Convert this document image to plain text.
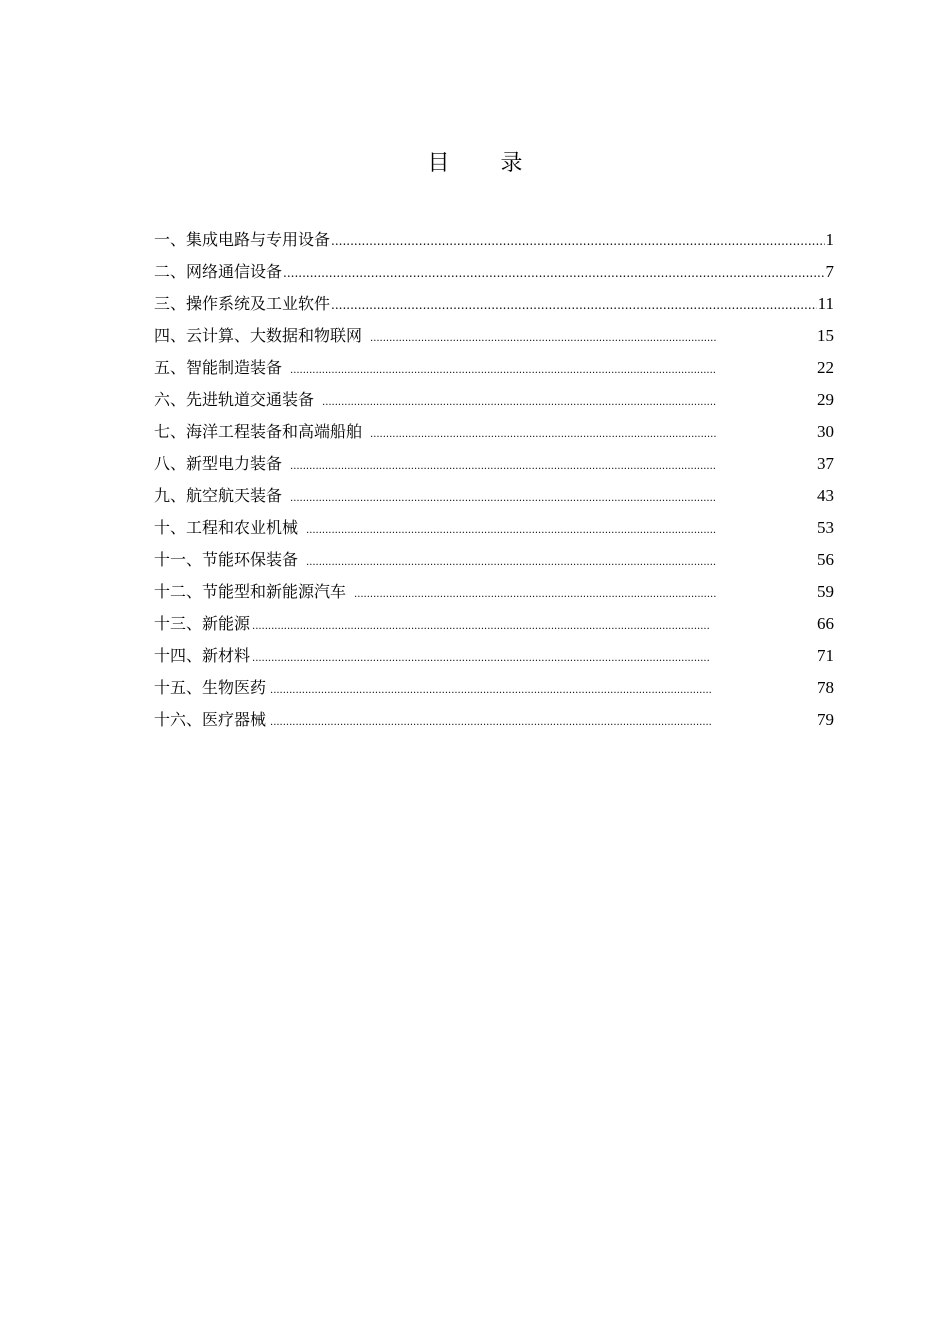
目 录
一、集成电路与专用设备 .....	1
二、网络通信设备 .....	7
三、操作系统及工业软件 .....	11
四、云计算、大数据和物联网 .....	15
五、智能制造装备 .....	22
六、先进轨道交通装备 .....	29
七、海洋工程装备和高端船舶 .....	30
八、新型电力装备 .....	37
九、航空航天装备 .....	43
十、工程和农业机械 .....	53
十一、节能环保装备 .....	56
十二、节能型和新能源汽车 .....	59
十三、新能源 .....	66
十四、新材料 .....	71
十五、生物医药 .....	78
十六、医疗器械 .....	79
